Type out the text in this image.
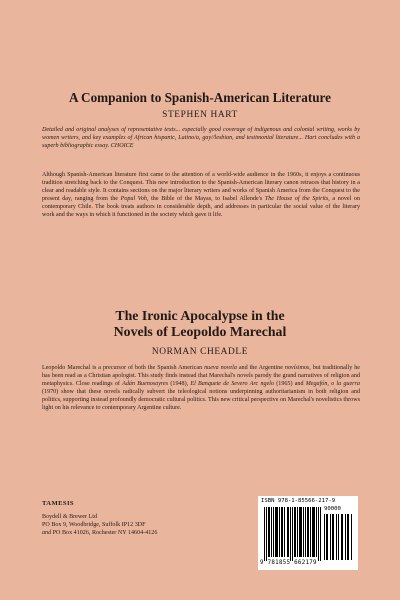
A Companion to Spanish-American Literature
STEPHEN HART
Detailed and original analyses of representative texts... especially good coverage of indigenous and colonial writing, works by women writers, and key examples of African hispanic, Latino/a, gay//lesbian, and testimonial literature... Hart concludes with a superb bibliographic essay. CHOICE
Although Spanish-American literature first came to the attention of a world-wide audience in the 1960s, it enjoys a continuous tradition stretching back to the Conquest. This new introduction to the Spanish-American literary canon retraces that history in a clear and readable style. It contains sections on the major literary writers and works of Spanish America from the Conquest to the present day, ranging from the Popul Voh, the Bible of the Mayas, to Isabel Allende's The House of the Spirits, a novel on contemporary Chile. The book treats authors in considerable depth, and addresses in particular the social value of the literary work and the ways in which it functioned in the society which gave it life.
The Ironic Apocalypse in the
Novels of Leopoldo Marechal
NORMAN CHEADLE
Leopoldo Marechal is a precursor of both the Spanish American nueva novela and the Argentine novísimos, but traditionally he has been read as a Christian apologist. This study finds instead that Marechal's novels parody the grand narratives of religion and metaphysics. Close readings of Adán Buenosayres (1948), El Banquete de Severo Arc ngelo (1965) and Megafón, o la guerra (1970) show that these novels radically subvert the teleological notions underpinning authoritarianism in both religion and politics, supporting instead profoundly democratic cultural politics. This new critical perspective on Marechal's novelistics throws light on his relevance to contemporary Argentine culture.
TAMESIS
Boydell & Brewer Ltd
PO Box 9, Woodbridge, Suffolk IP12 3DF
and PO Box 41026, Rochester NY 14604-4126
ISBN 978-1-85566-217-9
90000
9 781855 662179
